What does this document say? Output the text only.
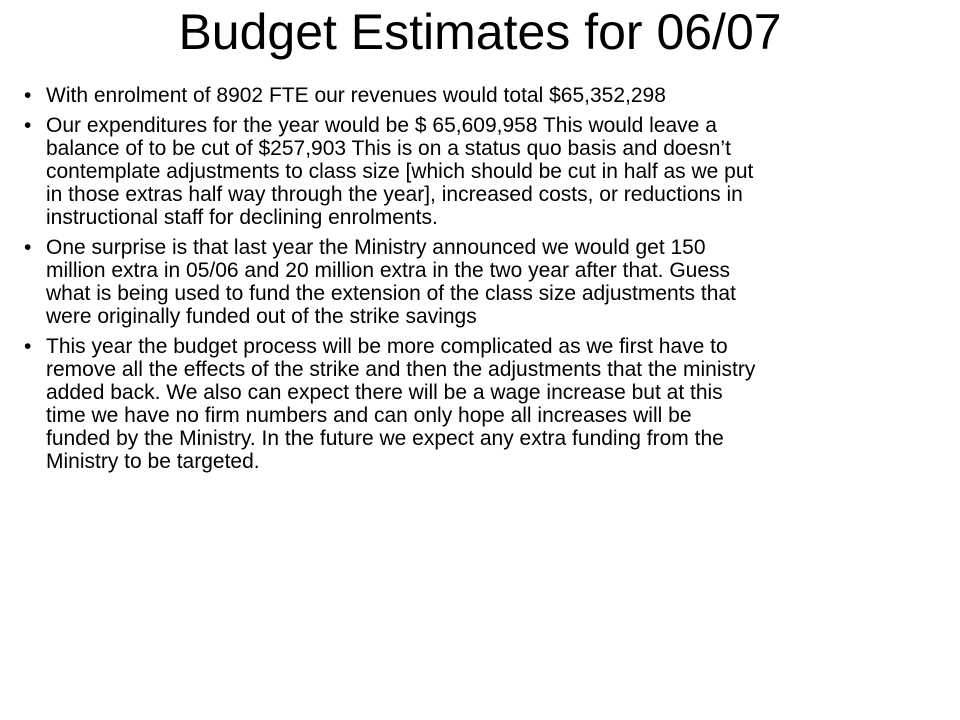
Budget Estimates for 06/07
• With enrolment of 8902 FTE our revenues would total $65,352,298
• Our expenditures for the year would be $ 65,609,958 This would leave a
balance of to be cut of $257,903 This is on a status quo basis and doesn’t
contemplate adjustments to class size [which should be cut in half as we put
in those extras half way through the year], increased costs, or reductions in
instructional staff for declining enrolments.
• One surprise is that last year the Ministry announced we would get 150
million extra in 05/06 and 20 million extra in the two year after that. Guess
what is being used to fund the extension of the class size adjustments that
were originally funded out of the strike savings
• This year the budget process will be more complicated as we first have to
remove all the effects of the strike and then the adjustments that the ministry
added back. We also can expect there will be a wage increase but at this
time we have no firm numbers and can only hope all increases will be
funded by the Ministry. In the future we expect any extra funding from the
Ministry to be targeted.
